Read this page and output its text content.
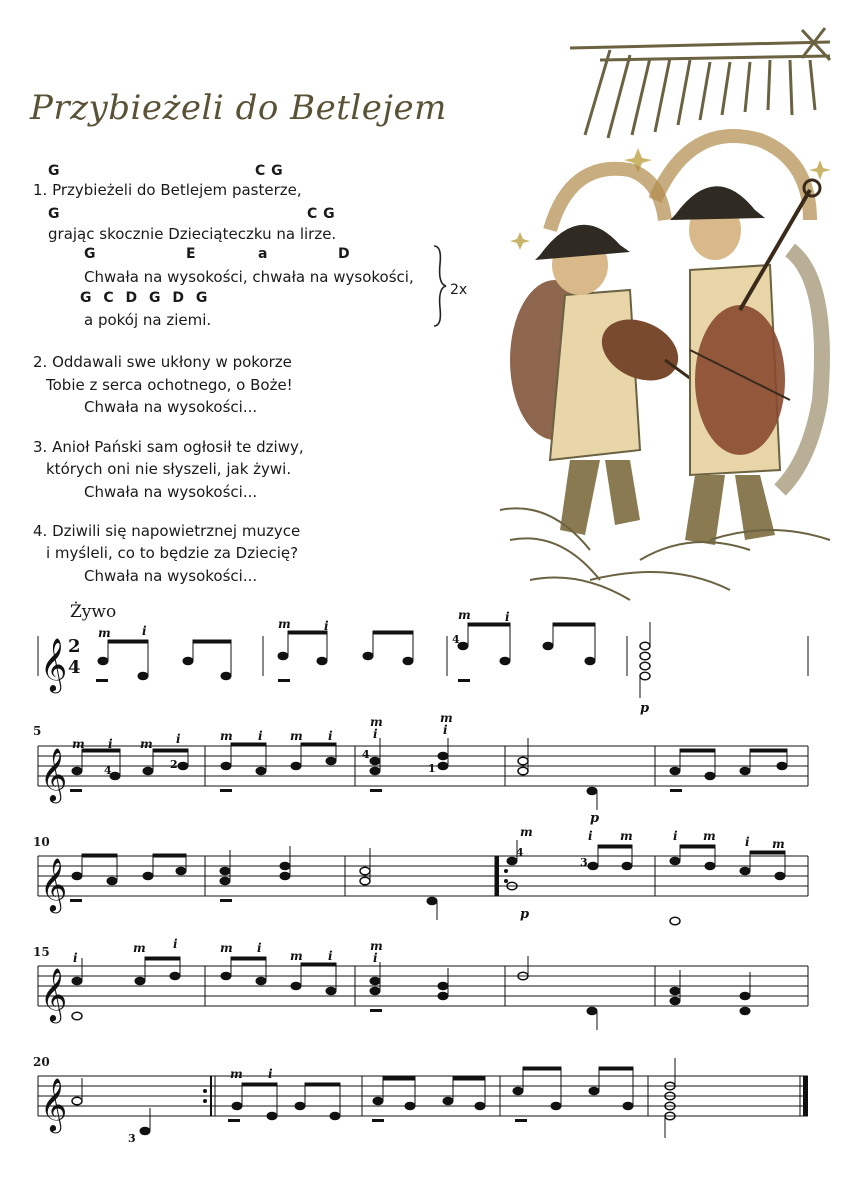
Przybieżeli do Betlejem
G	C G
1. Przybieżeli do Betlejem pasterze,
G	C G
grając skocznie Dzieciąteczku na lirze.
G	E	a	D
Chwała na wysokości, chwała na wysokości,
G C D G D G
a pokój na ziemi.
2. Oddawali swe ukłony w pokorze
Tobie z serca ochotnego, o Boże!
Chwała na wysokości...
3. Anioł Pański sam ogłosił te dziwy,
których oni nie słyszeli, jak żywi.
Chwała na wysokości...
4. Dziwili się napowietrznej muzyce
i myśleli, co to będzie za Dziecię?
Chwała na wysokości...
2x
Żywo
5
10
15
20
𝄞
𝄞
𝄞
𝄞
𝄞
2
4
m	i	m	i
m	i
m i m i	m i m i
m
i
m
i
m	i m	i m i m
i
m i	m i
m i
m
i
m i
4
4	2
4
1
4
3
3
p
p
p
